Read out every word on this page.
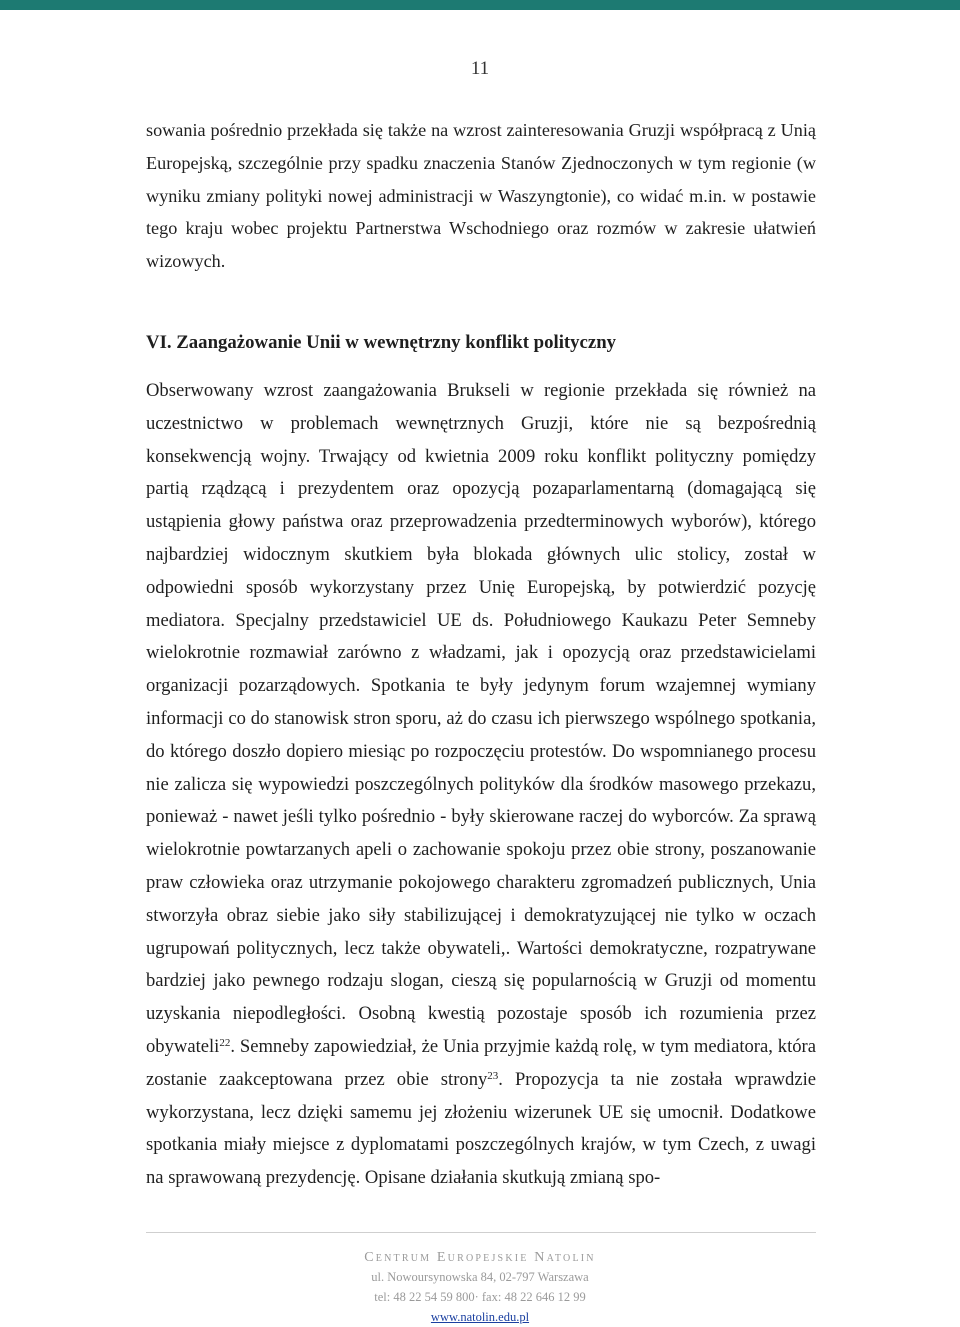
11

sowania pośrednio przekłada się także na wzrost zainteresowania Gruzji współpracą z Unią Europejską, szczególnie przy spadku znaczenia Stanów Zjednoczonych w tym regionie (w wyniku zmiany polityki nowej administracji w Waszyngtonie), co widać m.in. w postawie tego kraju wobec projektu Partnerstwa Wschodniego oraz rozmów w zakresie ułatwień wizowych.

VI. Zaangażowanie Unii w wewnętrzny konflikt polityczny

Obserwowany wzrost zaangażowania Brukseli w regionie przekłada się również na uczestnictwo w problemach wewnętrznych Gruzji, które nie są bezpośrednią konsekwencją wojny. Trwający od kwietnia 2009 roku konflikt polityczny pomiędzy partią rządzącą i prezydentem oraz opozycją pozaparlamentarną (domagającą się ustąpienia głowy państwa oraz przeprowadzenia przedterminowych wyborów), którego najbardziej widocznym skutkiem była blokada głównych ulic stolicy, został w odpowiedni sposób wykorzystany przez Unię Europejską, by potwierdzić pozycję mediatora. Specjalny przedstawiciel UE ds. Południowego Kaukazu Peter Semneby wielokrotnie rozmawiał zarówno z władzami, jak i opozycją oraz przedstawicielami organizacji pozarządowych. Spotkania te były jedynym forum wzajemnej wymiany informacji co do stanowisk stron sporu, aż do czasu ich pierwszego wspólnego spotkania, do którego doszło dopiero miesiąc po rozpoczęciu protestów. Do wspomnianego procesu nie zalicza się wypowiedzi poszczególnych polityków dla środków masowego przekazu, ponieważ - nawet jeśli tylko pośrednio - były skierowane raczej do wyborców. Za sprawą wielokrotnie powtarzanych apeli o zachowanie spokoju przez obie strony, poszanowanie praw człowieka oraz utrzymanie pokojowego charakteru zgromadzeń publicznych, Unia stworzyła obraz siebie jako siły stabilizującej i demokratyzującej nie tylko w oczach ugrupowań politycznych, lecz także obywateli,. Wartości demokratyczne, rozpatrywane bardziej jako pewnego rodzaju slogan, cieszą się popularnością w Gruzji od momentu uzyskania niepodległości. Osobną kwestią pozostaje sposób ich rozumienia przez obywateli$^{22}$. Semneby zapowiedział, że Unia przyjmie każdą rolę, w tym mediatora, która zostanie zaakceptowana przez obie strony$^{23}$. Propozycja ta nie została wprawdzie wykorzystana, lecz dzięki samemu jej złożeniu wizerunek UE się umocnił. Dodatkowe spotkania miały miejsce z dyplomatami poszczególnych krajów, w tym Czech, z uwagi na sprawowaną prezydencję. Opisane działania skutkują zmianą spo-

Centrum Europejskie Natolin
ul. Nowoursynowska 84, 02-797 Warszawa
tel: 48 22 54 59 800· fax: 48 22 646 12 99
www.natolin.edu.pl
